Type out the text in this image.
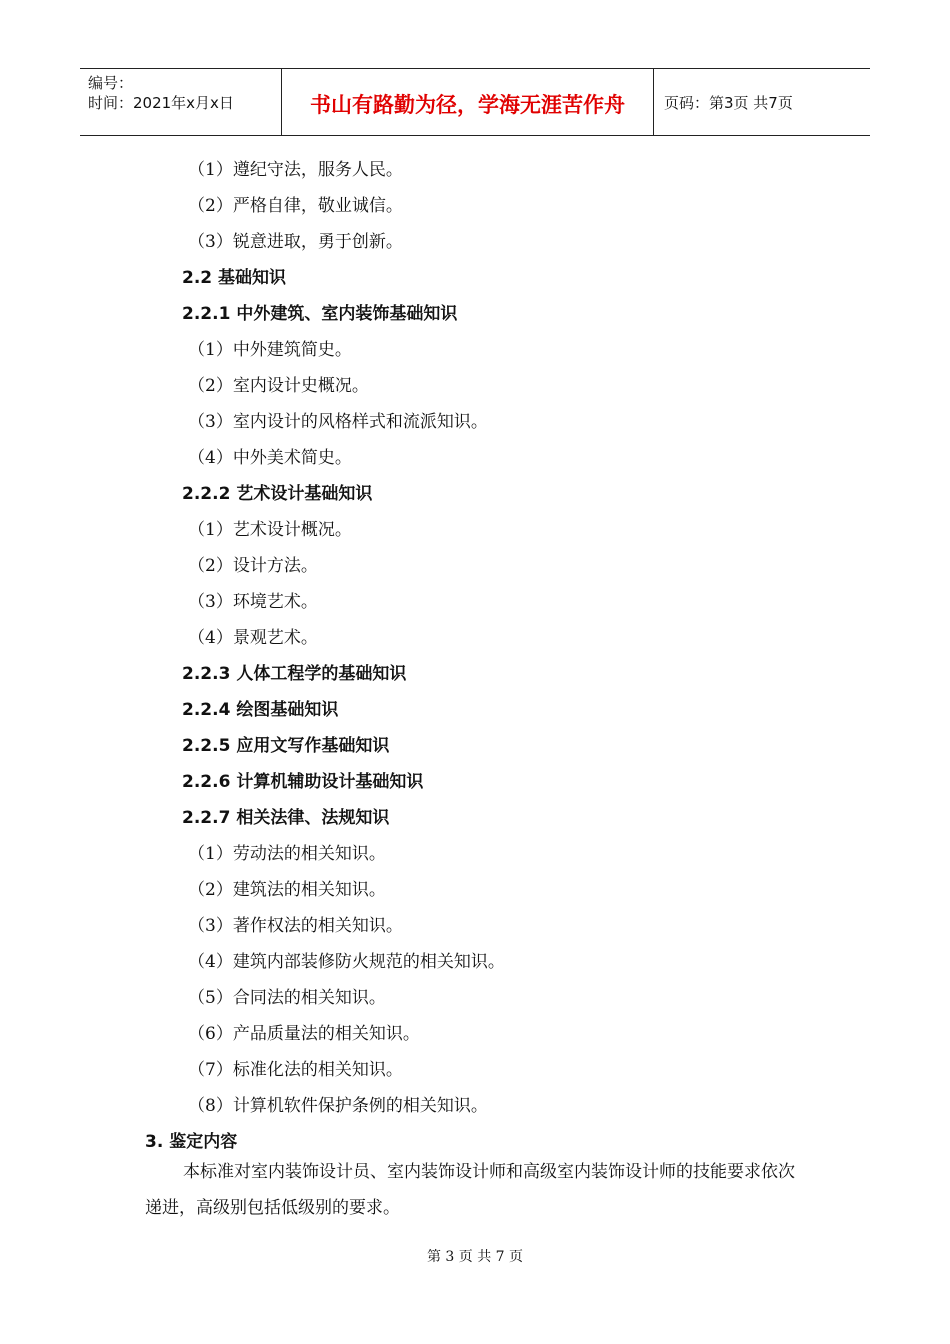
编号：
时间：2021年x月x日	书山有路勤为径，学海无涯苦作舟	页码：第3页 共7页
（1）遵纪守法，服务人民。
（2）严格自律，敬业诚信。
（3）锐意进取，勇于创新。
2.2 基础知识
2.2.1 中外建筑、室内装饰基础知识
（1）中外建筑简史。
（2）室内设计史概况。
（3）室内设计的风格样式和流派知识。
（4）中外美术简史。
2.2.2 艺术设计基础知识
（1）艺术设计概况。
（2）设计方法。
（3）环境艺术。
（4）景观艺术。
2.2.3 人体工程学的基础知识
2.2.4 绘图基础知识
2.2.5 应用文写作基础知识
2.2.6 计算机辅助设计基础知识
2.2.7 相关法律、法规知识
（1）劳动法的相关知识。
（2）建筑法的相关知识。
（3）著作权法的相关知识。
（4）建筑内部装修防火规范的相关知识。
（5）合同法的相关知识。
（6）产品质量法的相关知识。
（7）标准化法的相关知识。
（8）计算机软件保护条例的相关知识。
3. 鉴定内容
本标准对室内装饰设计员、室内装饰设计师和高级室内装饰设计师的技能要求依次递进，高级别包括低级别的要求。
第 3 页 共 7 页
